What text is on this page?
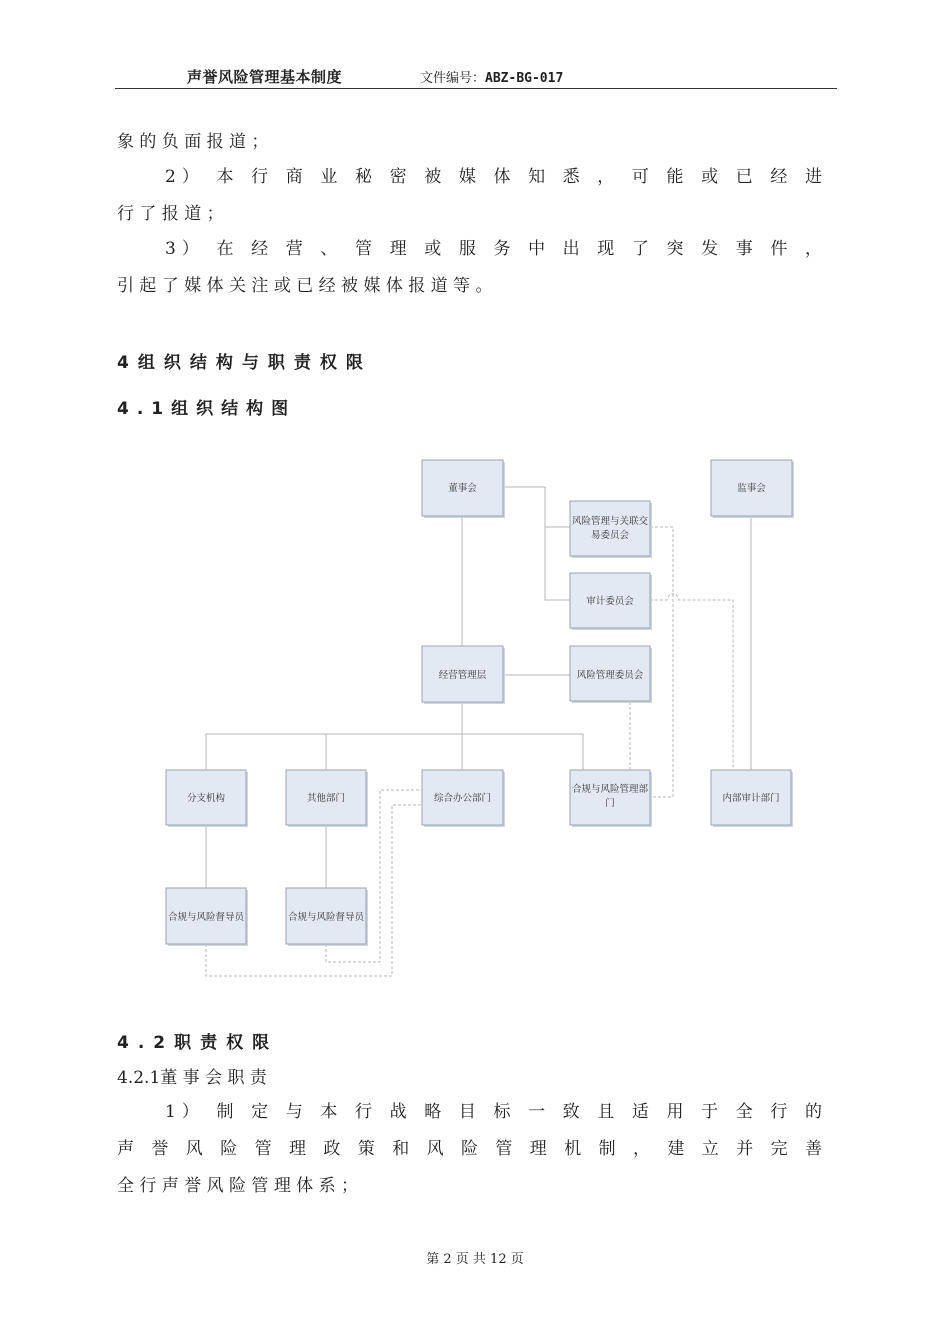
声誉风险管理基本制度	文件编号：ABZ-BG-017
象 的 负 面 报 道 ；
2） 本 行 商 业 秘 密 被 媒 体 知 悉 ， 可 能 或 已 经 进
行 了 报 道 ；
3） 在 经 营 、 管 理 或 服 务 中 出 现 了 突 发 事 件 ，
引 起 了 媒 体 关 注 或 已 经 被 媒 体 报 道 等 。
4组织结构与职责权限
4.1组织结构图
董事会	监事会
风险管理与关联交
易委员会
审计委员会
经营管理层	风险管理委员会
分支机构	其他部门	综合办公部门
合规与风险管理部
门	内部审计部门
合规与风险督导员	合规与风险督导员
4.2职责权限
4.2.1董 事 会 职 责
1） 制 定 与 本 行 战 略 目 标 一 致 且 适 用 于 全 行 的
声 誉 风 险 管 理 政 策 和 风 险 管 理 机 制 ， 建 立 并 完 善
全 行 声 誉 风 险 管 理 体 系 ；
第 2 页 共 12 页
